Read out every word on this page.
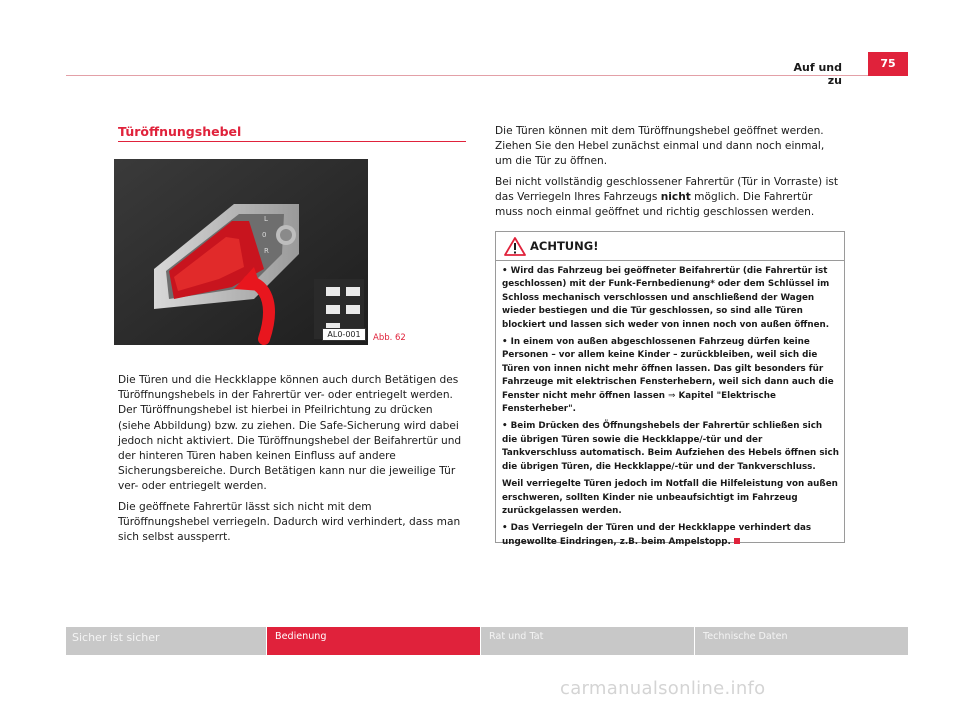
Auf und zu
75
Türöffnungshebel
L
0
R
AL0-001	Abb. 62

Die Türen und die Heckklappe können auch durch Betätigen des Türöffnungshebels in der Fahrertür ver- oder entriegelt werden. Der Türöffnungshebel ist hierbei in Pfeilrichtung zu drücken (siehe Abbildung) bzw. zu ziehen. Die Safe-Sicherung wird dabei jedoch nicht aktiviert. Die Türöffnungshebel der Beifahrertür und der hinteren Türen haben keinen Einfluss auf andere Sicherungsbereiche. Durch Betätigen kann nur die jeweilige Tür ver- oder entriegelt werden.

Die geöffnete Fahrertür lässt sich nicht mit dem Türöffnungshebel verriegeln. Dadurch wird verhindert, dass man sich selbst aussperrt.

Die Türen können mit dem Türöffnungshebel geöffnet werden. Ziehen Sie den Hebel zunächst einmal und dann noch einmal, um die Tür zu öffnen.

Bei nicht vollständig geschlossener Fahrertür (Tür in Vorraste) ist das Verriegeln Ihres Fahrzeugs nicht möglich. Die Fahrertür muss noch einmal geöffnet und richtig geschlossen werden.

ACHTUNG!

• Wird das Fahrzeug bei geöffneter Beifahrertür (die Fahrertür ist geschlossen) mit der Funk-Fernbedienung* oder dem Schlüssel im Schloss mechanisch verschlossen und anschließend der Wagen wieder bestiegen und die Tür geschlossen, so sind alle Türen blockiert und lassen sich weder von innen noch von außen öffnen.

• In einem von außen abgeschlossenen Fahrzeug dürfen keine Personen – vor allem keine Kinder – zurückbleiben, weil sich die Türen von innen nicht mehr öffnen lassen. Das gilt besonders für Fahrzeuge mit elektrischen Fensterhebern, weil sich dann auch die Fenster nicht mehr öffnen lassen ⇒ Kapitel "Elektrische Fensterheber".

• Beim Drücken des Öffnungshebels der Fahrertür schließen sich die übrigen Türen sowie die Heckklappe/-tür und der Tankverschluss automatisch. Beim Aufziehen des Hebels öffnen sich die übrigen Türen, die Heckklappe/-tür und der Tankverschluss.

Weil verriegelte Türen jedoch im Notfall die Hilfeleistung von außen erschweren, sollten Kinder nie unbeaufsichtigt im Fahrzeug zurückgelassen werden.

• Das Verriegeln der Türen und der Heckklappe verhindert das ungewollte Eindringen, z.B. beim Ampelstopp.

Sicher ist sicher	Bedienung	Rat und Tat	Technische Daten
carmanualsonline.info
